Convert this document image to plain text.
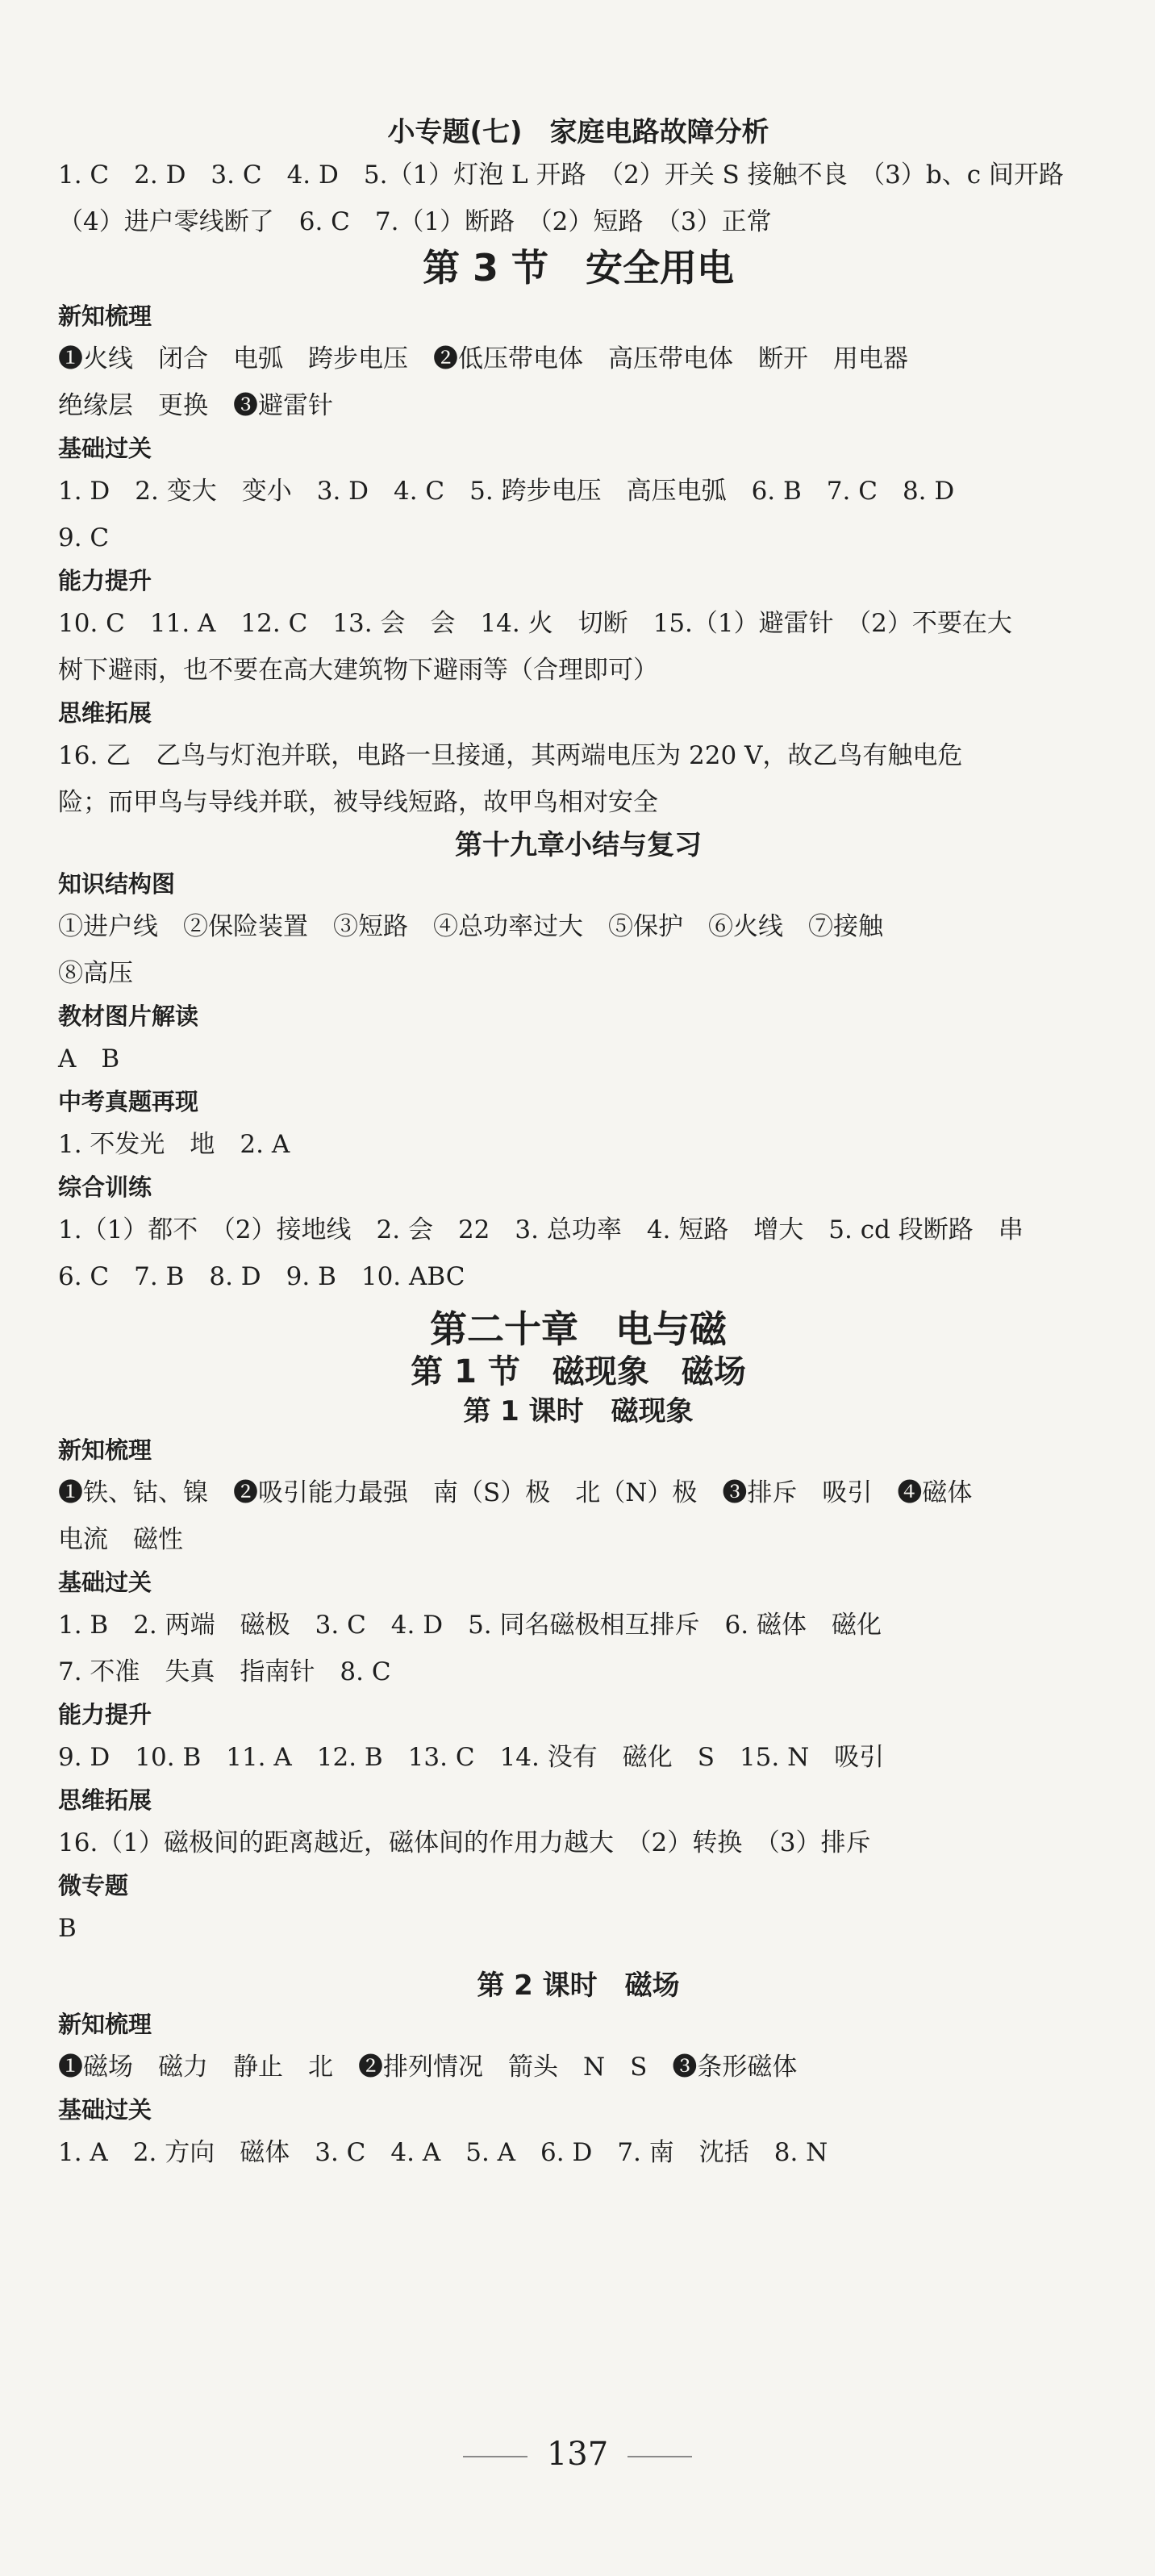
小专题(七)　家庭电路故障分析

1. C　2. D　3. C　4. D　5.（1）灯泡 L 开路　（2）开关 S 接触不良　（3）b、c 间开路

（4）进户零线断了　6. C　7.（1）断路　（2）短路　（3）正常

第 3 节　安全用电

新知梳理

❶火线　闭合　电弧　跨步电压　❷低压带电体　高压带电体　断开　用电器

绝缘层　更换　❸避雷针

基础过关

1. D　2. 变大　变小　3. D　4. C　5. 跨步电压　高压电弧　6. B　7. C　8. D

9. C

能力提升

10. C　11. A　12. C　13. 会　会　14. 火　切断　15.（1）避雷针　（2）不要在大

树下避雨，也不要在高大建筑物下避雨等（合理即可）

思维拓展

16. 乙　乙鸟与灯泡并联，电路一旦接通，其两端电压为 220 V，故乙鸟有触电危

险；而甲鸟与导线并联，被导线短路，故甲鸟相对安全

第十九章小结与复习

知识结构图

①进户线　②保险装置　③短路　④总功率过大　⑤保护　⑥火线　⑦接触

⑧高压

教材图片解读

A　B

中考真题再现

1. 不发光　地　2. A

综合训练

1.（1）都不　（2）接地线　2. 会　22　3. 总功率　4. 短路　增大　5. cd 段断路　串

6. C　7. B　8. D　9. B　10. ABC

第二十章　电与磁

第 1 节　磁现象　磁场

第 1 课时　磁现象

新知梳理

❶铁、钴、镍　❷吸引能力最强　南（S）极　北（N）极　❸排斥　吸引　❹磁体

电流　磁性

基础过关

1. B　2. 两端　磁极　3. C　4. D　5. 同名磁极相互排斥　6. 磁体　磁化

7. 不准　失真　指南针　8. C

能力提升

9. D　10. B　11. A　12. B　13. C　14. 没有　磁化　S　15. N　吸引

思维拓展

16.（1）磁极间的距离越近，磁体间的作用力越大　（2）转换　（3）排斥

微专题

B

第 2 课时　磁场

新知梳理

❶磁场　磁力　静止　北　❷排列情况　箭头　N　S　❸条形磁体

基础过关

1. A　2. 方向　磁体　3. C　4. A　5. A　6. D　7. 南　沈括　8. N

137
